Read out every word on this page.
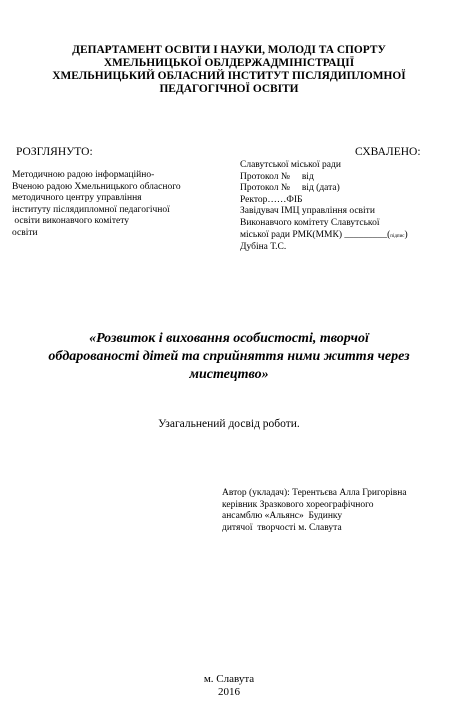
ДЕПАРТАМЕНТ ОСВІТИ І НАУКИ, МОЛОДІ ТА СПОРТУ
ХМЕЛЬНИЦЬКОЇ ОБЛДЕРЖАДМІНІСТРАЦІЇ
ХМЕЛЬНИЦЬКИЙ ОБЛАСНИЙ ІНСТИТУТ ПІСЛЯДИПЛОМНОЇ
ПЕДАГОГІЧНОЇ ОСВІТИ
РОЗГЛЯНУТО:	СХВАЛЕНО:
Методичною радою інформаційно-
Вченою радою Хмельницького обласного
методичного центру управління
інституту післядипломної педагогічної
освіти виконавчого комітету
освіти
Славутської міської ради
Протокол №     від
Протокол №     від (дата)
Ректор……ФІБ
Завідувач ІМЦ управління освіти
Виконавчого комітету Славутської
міської ради РМК(ММК) _________(підпис)
Дубіна Т.С.
«Розвиток і виховання особистості, творчої
обдарованості дітей та сприйняття ними життя через
мистецтво»
Узагальнений досвід роботи.
Автор (укладач): Терентьєва Алла Григорівна
керівник Зразкового хореографічного
ансамблю «Альянс»  Будинку
дитячої  творчості м. Славута
м. Славута
2016
